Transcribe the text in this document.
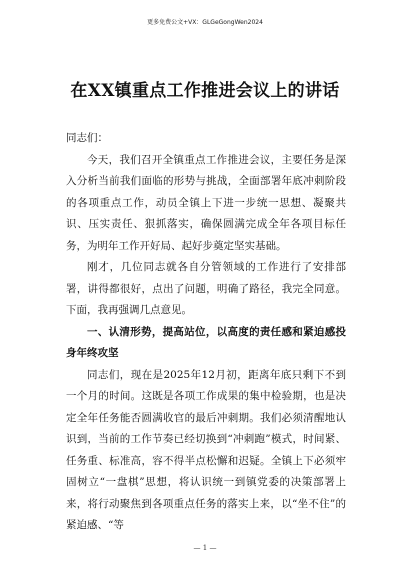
更多免费公文+VX：GLGeGongWen2024
在XX镇重点工作推进会议上的讲话

同志们：

今天，我们召开全镇重点工作推进会议，主要任务是深入分析当前我们面临的形势与挑战，全面部署年底冲刺阶段的各项重点工作，动员全镇上下进一步统一思想、凝聚共识、压实责任、狠抓落实，确保圆满完成全年各项目标任务，为明年工作开好局、起好步奠定坚实基础。

刚才，几位同志就各自分管领域的工作进行了安排部署，讲得都很好，点出了问题，明确了路径，我完全同意。下面，我再强调几点意见。

一、认清形势，提高站位，以高度的责任感和紧迫感投身年终攻坚

同志们，现在是2025年12月初，距离年底只剩下不到一个月的时间。这既是各项工作成果的集中检验期，也是决定全年任务能否圆满收官的最后冲刺期。我们必须清醒地认识到，当前的工作节奏已经切换到“冲刺跑”模式，时间紧、任务重、标准高，容不得半点松懈和迟疑。全镇上下必须牢固树立“一盘棋”思想，将认识统一到镇党委的决策部署上来，将行动聚焦到各项重点任务的落实上来，以“坐不住”的紧迫感、“等

— 1 —
